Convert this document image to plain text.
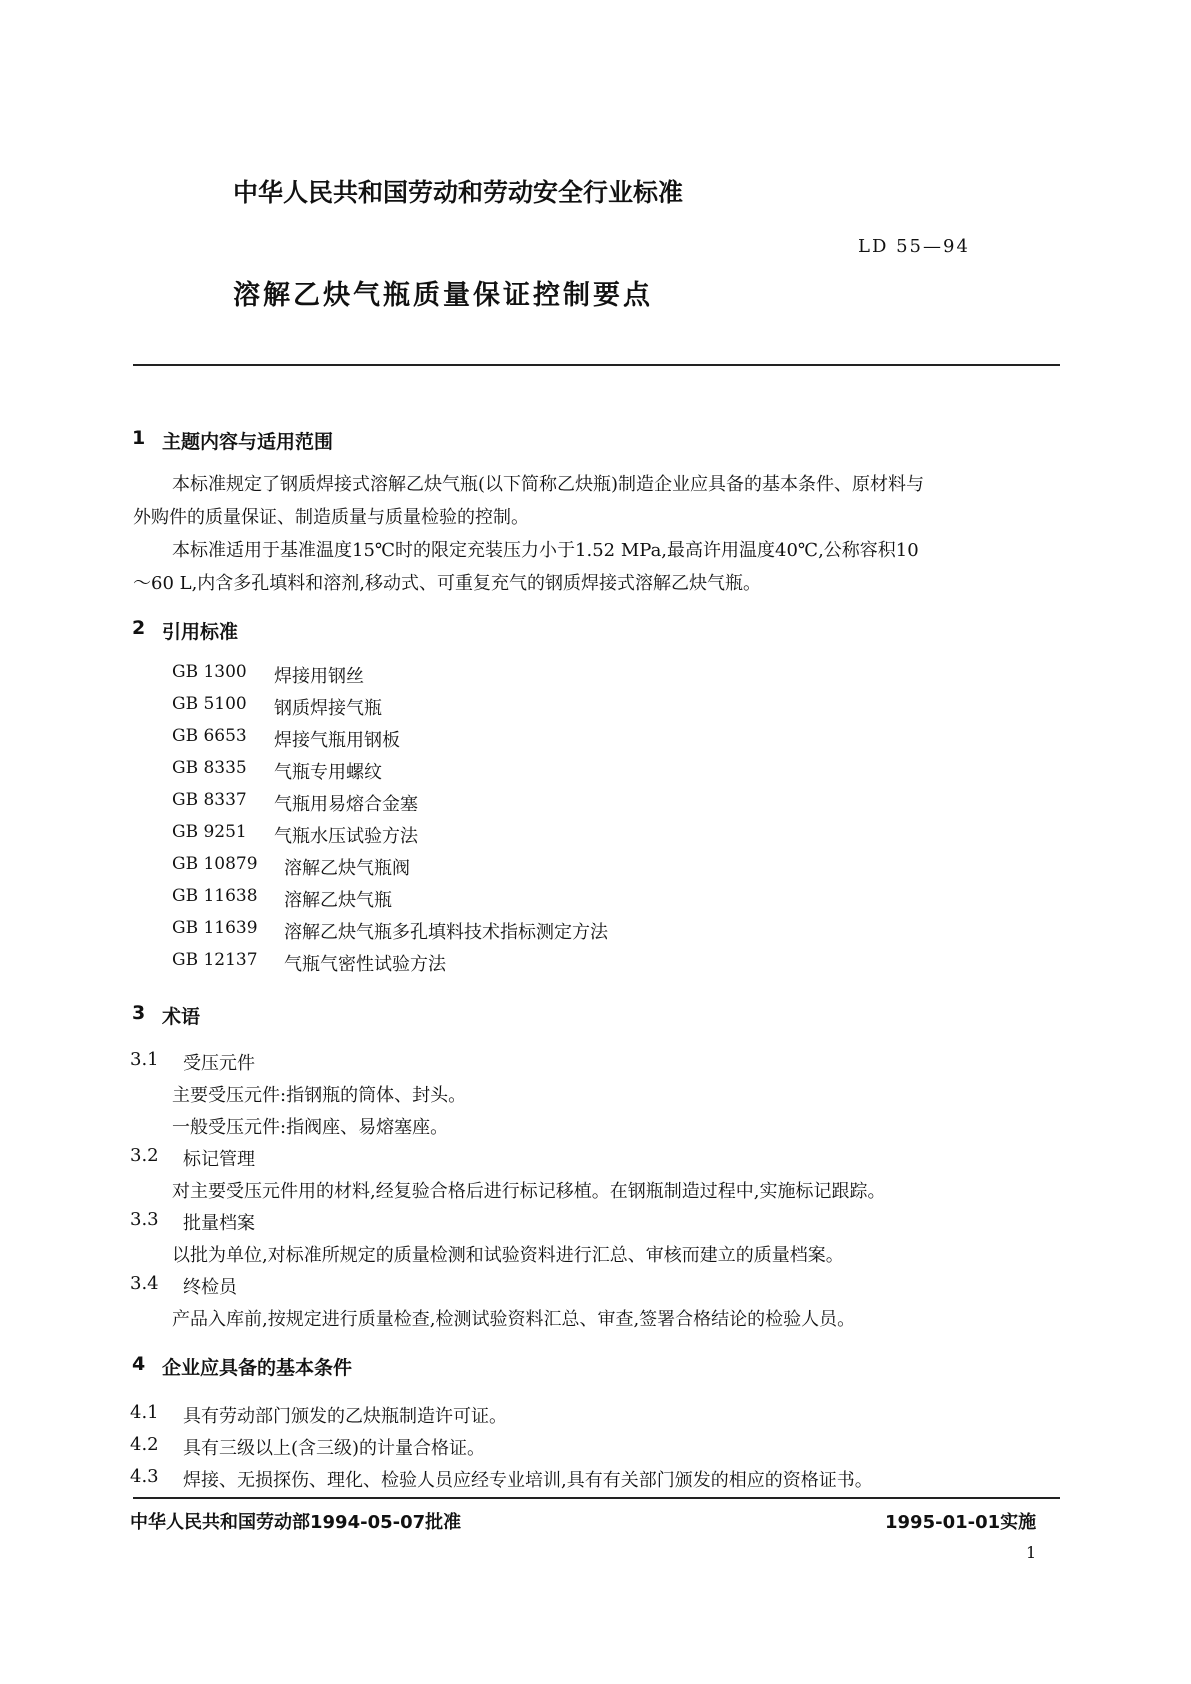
中华人民共和国劳动和劳动安全行业标准
LD 55—94
溶解乙炔气瓶质量保证控制要点
1 主题内容与适用范围
本标准规定了钢质焊接式溶解乙炔气瓶(以下简称乙炔瓶)制造企业应具备的基本条件、原材料与
外购件的质量保证、制造质量与质量检验的控制。
本标准适用于基准温度15℃时的限定充装压力小于1.52 MPa,最高许用温度40℃,公称容积10
～60 L,内含多孔填料和溶剂,移动式、可重复充气的钢质焊接式溶解乙炔气瓶。
2 引用标准
GB 1300 焊接用钢丝
GB 5100 钢质焊接气瓶
GB 6653 焊接气瓶用钢板
GB 8335 气瓶专用螺纹
GB 8337 气瓶用易熔合金塞
GB 9251 气瓶水压试验方法
GB 10879 溶解乙炔气瓶阀
GB 11638 溶解乙炔气瓶
GB 11639 溶解乙炔气瓶多孔填料技术指标测定方法
GB 12137 气瓶气密性试验方法
3 术语
3.1 受压元件
主要受压元件:指钢瓶的筒体、封头。
一般受压元件:指阀座、易熔塞座。
3.2 标记管理
对主要受压元件用的材料,经复验合格后进行标记移植。在钢瓶制造过程中,实施标记跟踪。
3.3 批量档案
以批为单位,对标准所规定的质量检测和试验资料进行汇总、审核而建立的质量档案。
3.4 终检员
产品入库前,按规定进行质量检查,检测试验资料汇总、审查,签署合格结论的检验人员。
4 企业应具备的基本条件
4.1 具有劳动部门颁发的乙炔瓶制造许可证。
4.2 具有三级以上(含三级)的计量合格证。
4.3 焊接、无损探伤、理化、检验人员应经专业培训,具有有关部门颁发的相应的资格证书。
中华人民共和国劳动部1994-05-07批准	1995-01-01实施
1
